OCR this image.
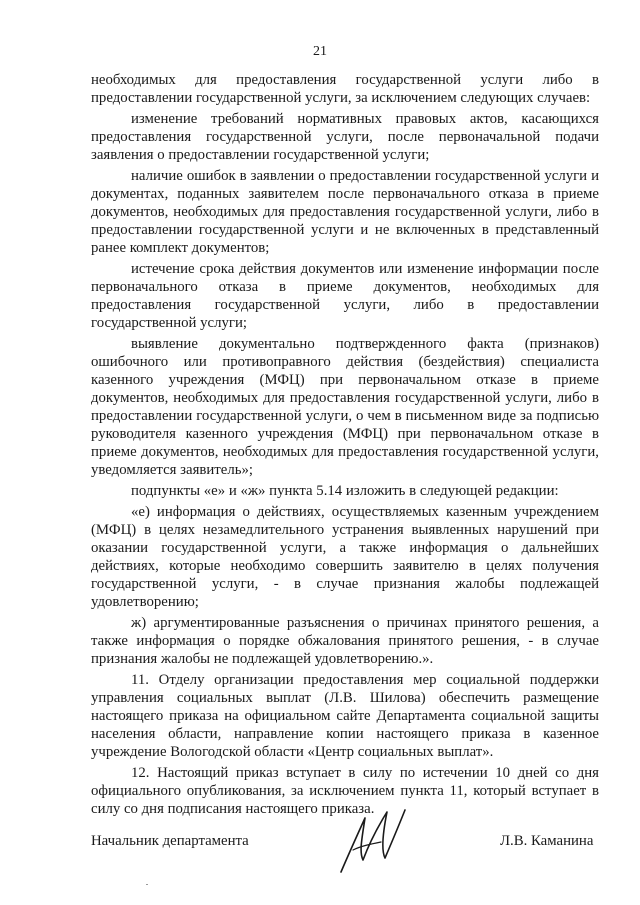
21

необходимых для предоставления государственной услуги либо в предоставлении государственной услуги, за исключением следующих случаев:

изменение требований нормативных правовых актов, касающихся предоставления государственной услуги, после первоначальной подачи заявления о предоставлении государственной услуги;

наличие ошибок в заявлении о предоставлении государственной услуги и документах, поданных заявителем после первоначального отказа в приеме документов, необходимых для предоставления государственной услуги, либо в предоставлении государственной услуги и не включенных в представленный ранее комплект документов;

истечение срока действия документов или изменение информации после первоначального отказа в приеме документов, необходимых для предоставления государственной услуги, либо в предоставлении государственной услуги;

выявление документально подтвержденного факта (признаков) ошибочного или противоправного действия (бездействия) специалиста казенного учреждения (МФЦ) при первоначальном отказе в приеме документов, необходимых для предоставления государственной услуги, либо в предоставлении государственной услуги, о чем в письменном виде за подписью руководителя казенного учреждения (МФЦ) при первоначальном отказе в приеме документов, необходимых для предоставления государственной услуги, уведомляется заявитель»;

подпункты «е» и «ж» пункта 5.14 изложить в следующей редакции:

«е) информация о действиях, осуществляемых казенным учреждением (МФЦ) в целях незамедлительного устранения выявленных нарушений при оказании государственной услуги, а также информация о дальнейших действиях, которые необходимо совершить заявителю в целях получения государственной услуги, - в случае признания жалобы подлежащей удовлетворению;

ж) аргументированные разъяснения о причинах принятого решения, а также информация о порядке обжалования принятого решения, - в случае признания жалобы не подлежащей удовлетворению.».

11. Отделу организации предоставления мер социальной поддержки управления социальных выплат (Л.В. Шилова) обеспечить размещение настоящего приказа на официальном сайте Департамента социальной защиты населения области, направление копии настоящего приказа в казенное учреждение Вологодской области «Центр социальных выплат».

12. Настоящий приказ вступает в силу по истечении 10 дней со дня официального опубликования, за исключением пункта 11, который вступает в силу со дня подписания настоящего приказа.

Начальник департамента	Л.В. Каманина
